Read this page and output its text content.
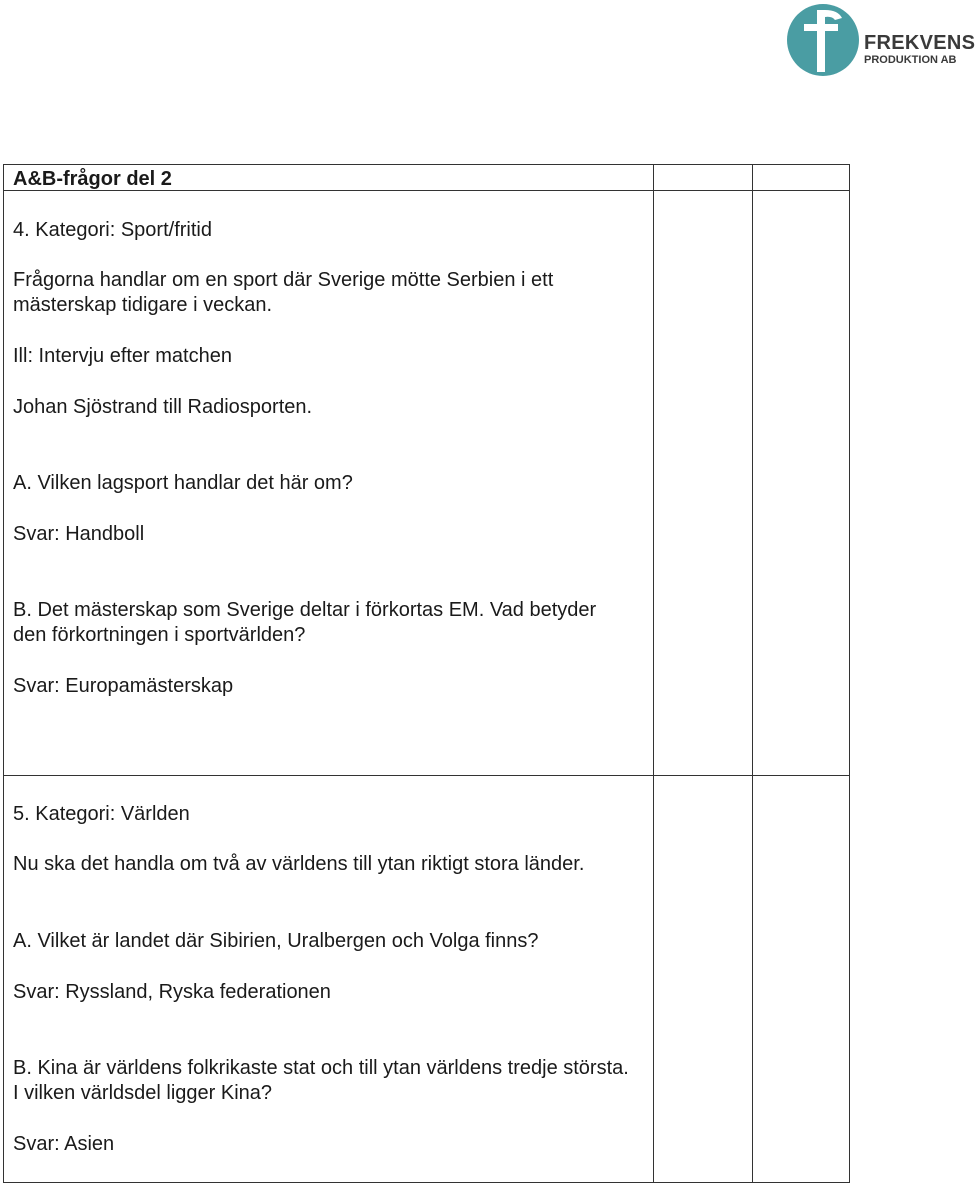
FREKVENS
PRODUKTION AB
A&B-frågor del 2
4. Kategori: Sport/fritid
Frågorna handlar om en sport där Sverige mötte Serbien i ett mästerskap tidigare i veckan.
Ill: Intervju efter matchen
Johan Sjöstrand till Radiosporten.
A. Vilken lagsport handlar det här om?
Svar: Handboll
B. Det mästerskap som Sverige deltar i förkortas EM. Vad betyder den förkortningen i sportvärlden?
Svar: Europamästerskap
5. Kategori: Världen
Nu ska det handla om två av världens till ytan riktigt stora länder.
A. Vilket är landet där Sibirien, Uralbergen och Volga finns?
Svar: Ryssland, Ryska federationen
B. Kina är världens folkrikaste stat och till ytan världens tredje största. I vilken världsdel ligger Kina?
Svar: Asien
